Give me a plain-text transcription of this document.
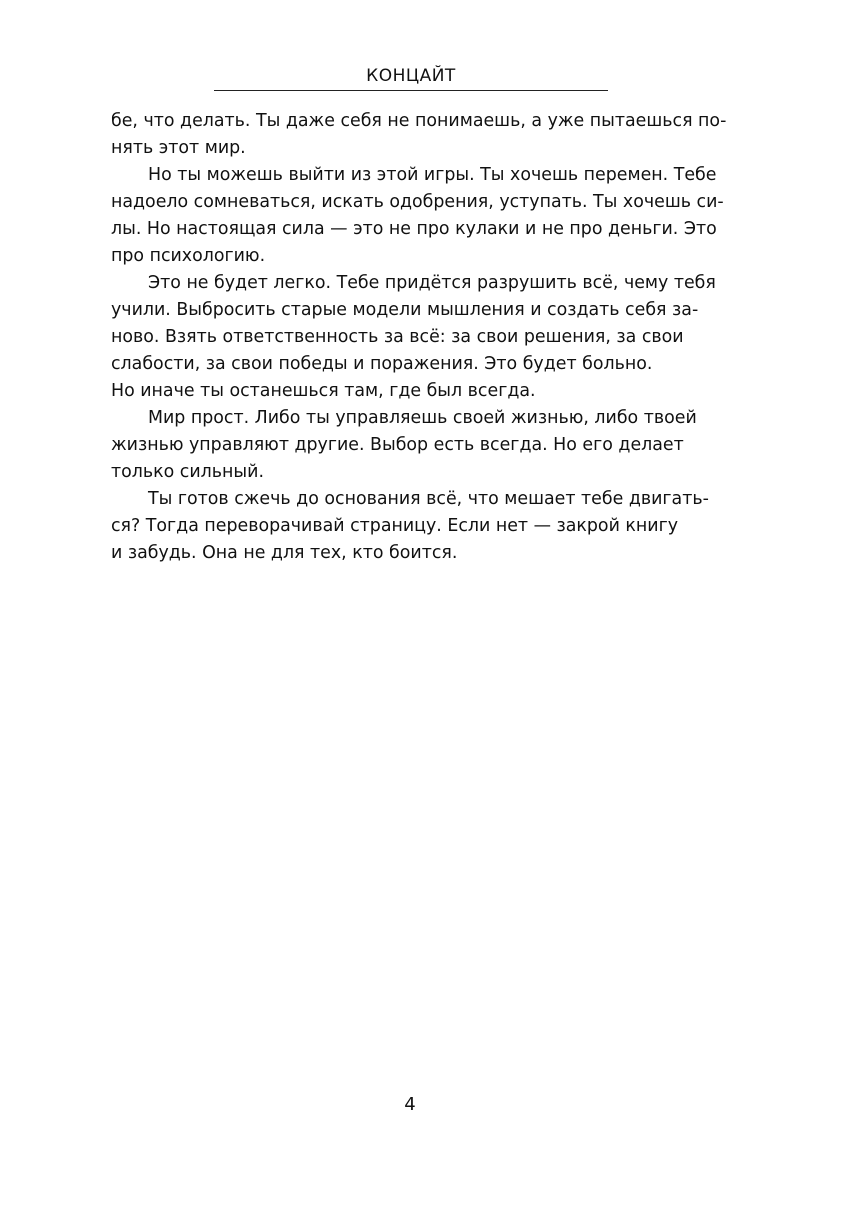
КОНЦАЙТ
бе, что делать. Ты даже себя не понимаешь, а уже пытаешься по-
нять этот мир.
Но ты можешь выйти из этой игры. Ты хочешь перемен. Тебе
надоело сомневаться, искать одобрения, уступать. Ты хочешь си-
лы. Но настоящая сила — это не про кулаки и не про деньги. Это
про психологию.
Это не будет легко. Тебе придётся разрушить всё, чему тебя
учили. Выбросить старые модели мышления и создать себя за-
ново. Взять ответственность за всё: за свои решения, за свои
слабости, за свои победы и поражения. Это будет больно.
Но иначе ты останешься там, где был всегда.
Мир прост. Либо ты управляешь своей жизнью, либо твоей
жизнью управляют другие. Выбор есть всегда. Но его делает
только сильный.
Ты готов сжечь до основания всё, что мешает тебе двигать-
ся? Тогда переворачивай страницу. Если нет — закрой книгу
и забудь. Она не для тех, кто боится.
4
